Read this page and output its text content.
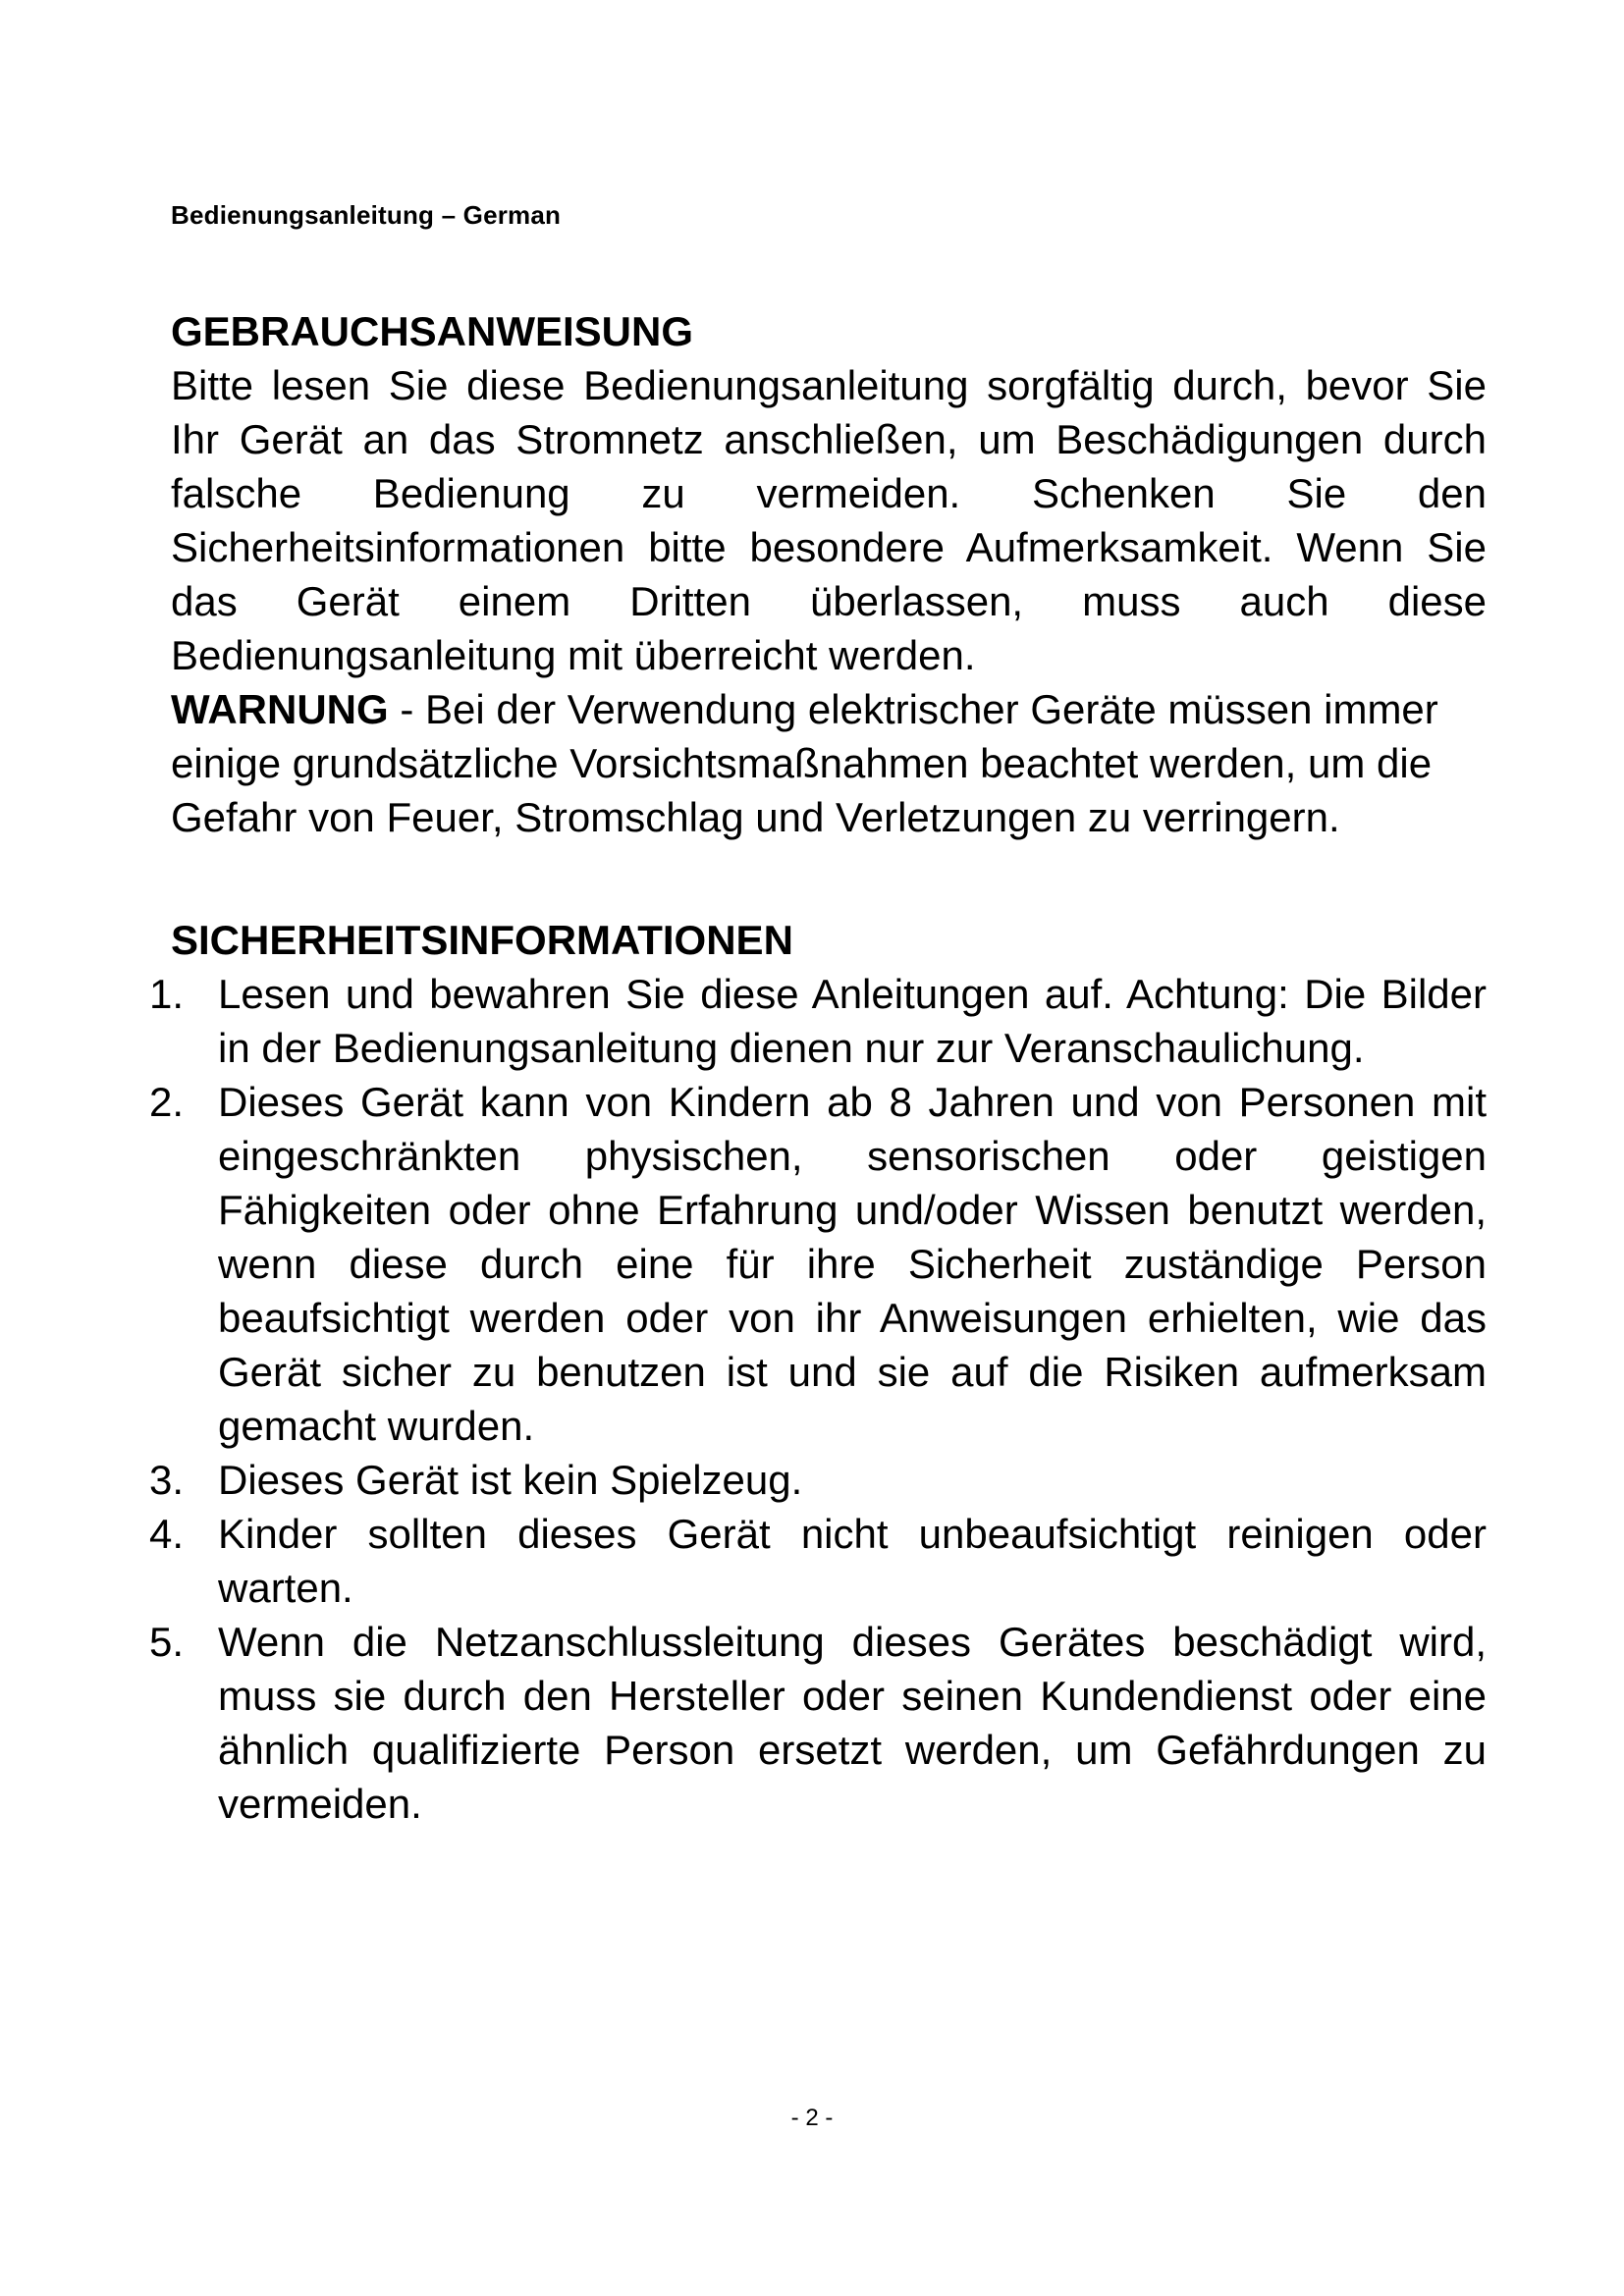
Bedienungsanleitung – German

GEBRAUCHSANWEISUNG

Bitte lesen Sie diese Bedienungsanleitung sorgfältig durch, bevor Sie Ihr Gerät an das Stromnetz anschließen, um Beschädigungen durch falsche Bedienung zu vermeiden. Schenken Sie den Sicherheitsinformationen bitte besondere Aufmerksamkeit. Wenn Sie das Gerät einem Dritten überlassen, muss auch diese Bedienungsanleitung mit überreicht werden.

WARNUNG - Bei der Verwendung elektrischer Geräte müssen immer einige grundsätzliche Vorsichtsmaßnahmen beachtet werden, um die Gefahr von Feuer, Stromschlag und Verletzungen zu verringern.

SICHERHEITSINFORMATIONEN

1. Lesen und bewahren Sie diese Anleitungen auf. Achtung: Die Bilder in der Bedienungsanleitung dienen nur zur Veranschaulichung.
2. Dieses Gerät kann von Kindern ab 8 Jahren und von Personen mit eingeschränkten physischen, sensorischen oder geistigen Fähigkeiten oder ohne Erfahrung und/oder Wissen benutzt werden, wenn diese durch eine für ihre Sicherheit zuständige Person beaufsichtigt werden oder von ihr Anweisungen erhielten, wie das Gerät sicher zu benutzen ist und sie auf die Risiken aufmerksam gemacht wurden.
3. Dieses Gerät ist kein Spielzeug.
4. Kinder sollten dieses Gerät nicht unbeaufsichtigt reinigen oder warten.
5. Wenn die Netzanschlussleitung dieses Gerätes beschädigt wird, muss sie durch den Hersteller oder seinen Kundendienst oder eine ähnlich qualifizierte Person ersetzt werden, um Gefährdungen zu vermeiden.
- 2 -
